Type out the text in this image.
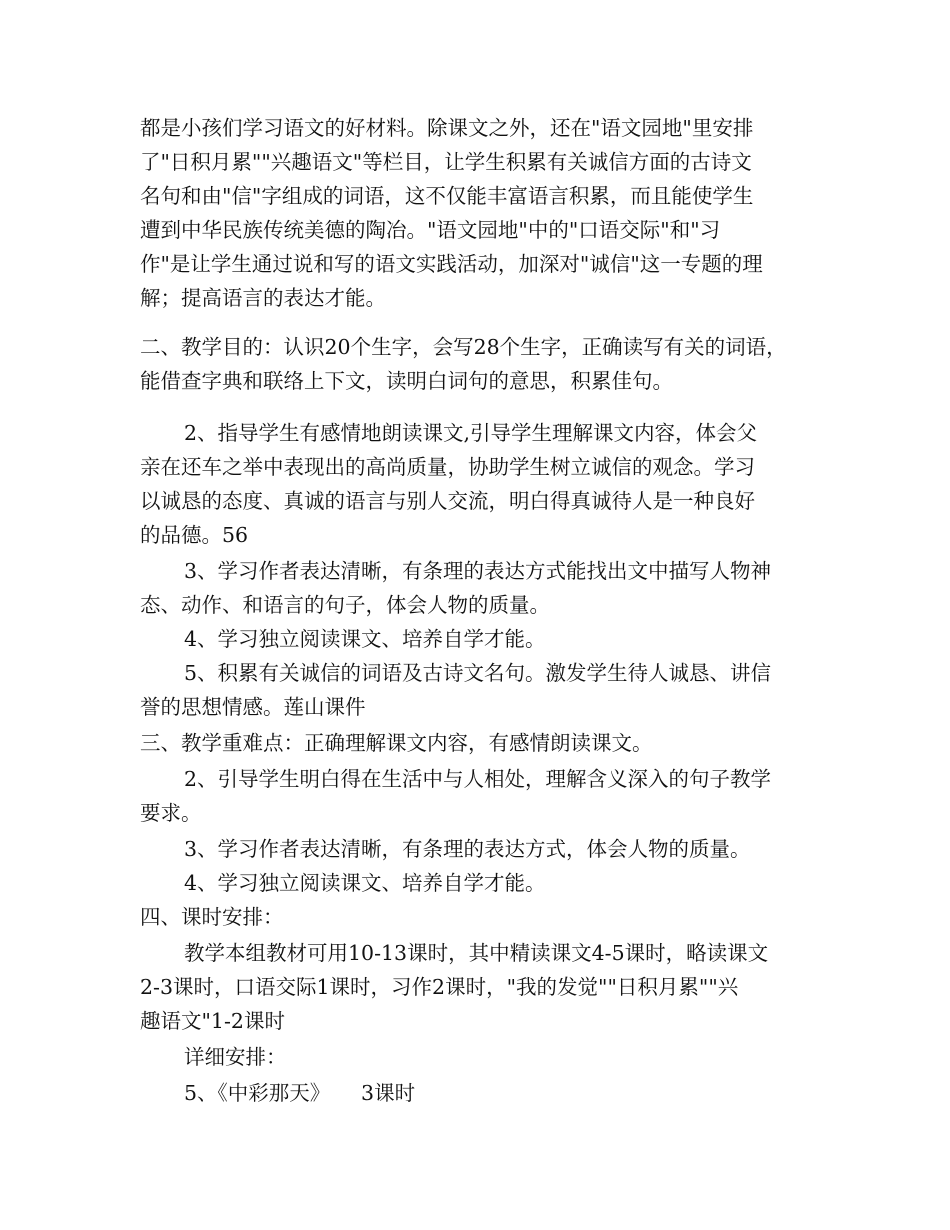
都是小孩们学习语文的好材料。除课文之外，还在"语文园地"里安排
了"日积月累""兴趣语文"等栏目，让学生积累有关诚信方面的古诗文
名句和由"信"字组成的词语，这不仅能丰富语言积累，而且能使学生
遭到中华民族传统美德的陶冶。"语文园地"中的"口语交际"和"习
作"是让学生通过说和写的语文实践活动，加深对"诚信"这一专题的理
解；提高语言的表达才能。
二、教学目的：认识20个生字，会写28个生字，正确读写有关的词语，
能借查字典和联络上下文，读明白词句的意思，积累佳句。
2、指导学生有感情地朗读课文,引导学生理解课文内容，体会父
亲在还车之举中表现出的高尚质量，协助学生树立诚信的观念。学习
以诚恳的态度、真诚的语言与别人交流，明白得真诚待人是一种良好
的品德。56
3、学习作者表达清晰，有条理的表达方式能找出文中描写人物神
态、动作、和语言的句子，体会人物的质量。
4、学习独立阅读课文、培养自学才能。
5、积累有关诚信的词语及古诗文名句。激发学生待人诚恳、讲信
誉的思想情感。莲山课件
三、教学重难点：正确理解课文内容，有感情朗读课文。
2、引导学生明白得在生活中与人相处，理解含义深入的句子教学
要求。
3、学习作者表达清晰，有条理的表达方式，体会人物的质量。
4、学习独立阅读课文、培养自学才能。
四、课时安排：
教学本组教材可用10-13课时，其中精读课文4-5课时，略读课文
2-3课时，口语交际1课时，习作2课时，"我的发觉""日积月累""兴
趣语文"1-2课时
详细安排：
5、《中彩那天》　　3课时
